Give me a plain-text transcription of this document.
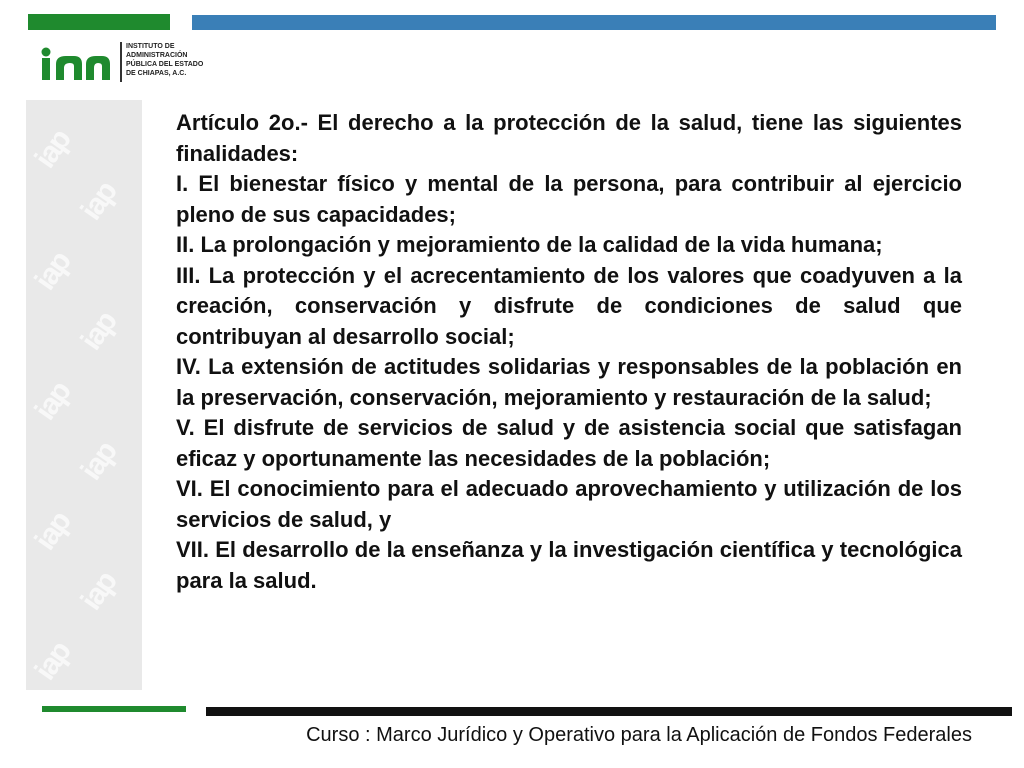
INSTITUTO DE
ADMINISTRACIÓN
PÚBLICA DEL ESTADO
DE CHIAPAS, A.C.
iap
iap
iap
iap
iap
iap
iap
iap
iap

Artículo 2o.- El derecho a la protección de la salud, tiene las siguientes finalidades:

I. El bienestar físico y mental de la persona, para contribuir al ejercicio pleno de sus capacidades;

II. La prolongación y mejoramiento de la calidad de la vida humana;

III. La protección y el acrecentamiento de los valores que coadyuven a la creación, conservación y disfrute de condiciones de salud que contribuyan al desarrollo social;

IV. La extensión de actitudes solidarias y responsables de la población en la preservación, conservación, mejoramiento y restauración de la salud;

V. El disfrute de servicios de salud y de asistencia social que satisfagan eficaz y oportunamente las necesidades de la población;

VI. El conocimiento para el adecuado aprovechamiento y utilización de los servicios de salud, y

VII. El desarrollo de la enseñanza y la investigación científica y tecnológica para la salud.

Curso : Marco Jurídico y Operativo para la Aplicación de Fondos Federales
